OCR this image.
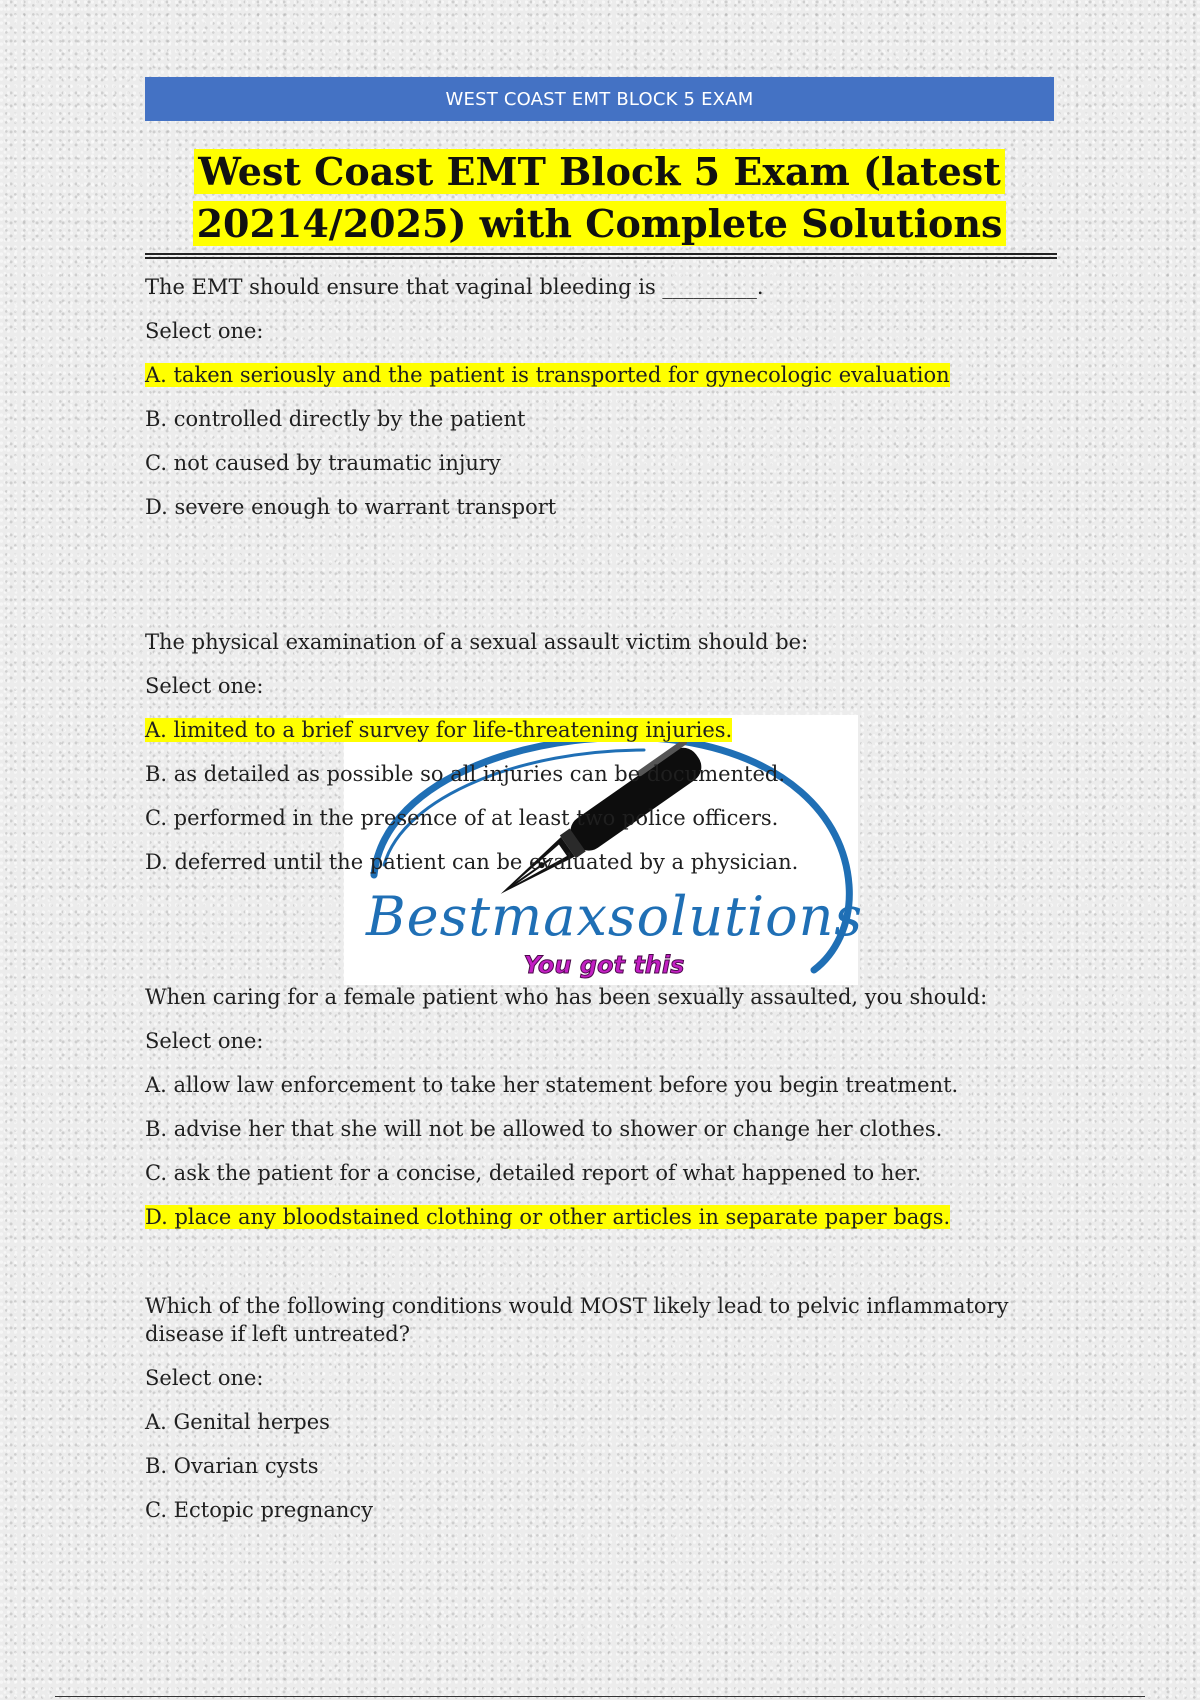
WEST COAST EMT BLOCK 5 EXAM
West Coast EMT Block 5 Exam (latest
20214/2025) with Complete Solutions

The EMT should ensure that vaginal bleeding is _________.

Select one:

A. taken seriously and the patient is transported for gynecologic evaluation

B. controlled directly by the patient

C. not caused by traumatic injury

D. severe enough to warrant transport

Bestmaxsolutions
You got this

The physical examination of a sexual assault victim should be:

Select one:

A. limited to a brief survey for life-threatening injuries.

B. as detailed as possible so all injuries can be documented.

C. performed in the presence of at least two police officers.

D. deferred until the patient can be evaluated by a physician.

When caring for a female patient who has been sexually assaulted, you should:

Select one:

A. allow law enforcement to take her statement before you begin treatment.

B. advise her that she will not be allowed to shower or change her clothes.

C. ask the patient for a concise, detailed report of what happened to her.

D. place any bloodstained clothing or other articles in separate paper bags.

Which of the following conditions would MOST likely lead to pelvic inflammatory disease if left untreated?

Select one:

A. Genital herpes

B. Ovarian cysts

C. Ectopic pregnancy
